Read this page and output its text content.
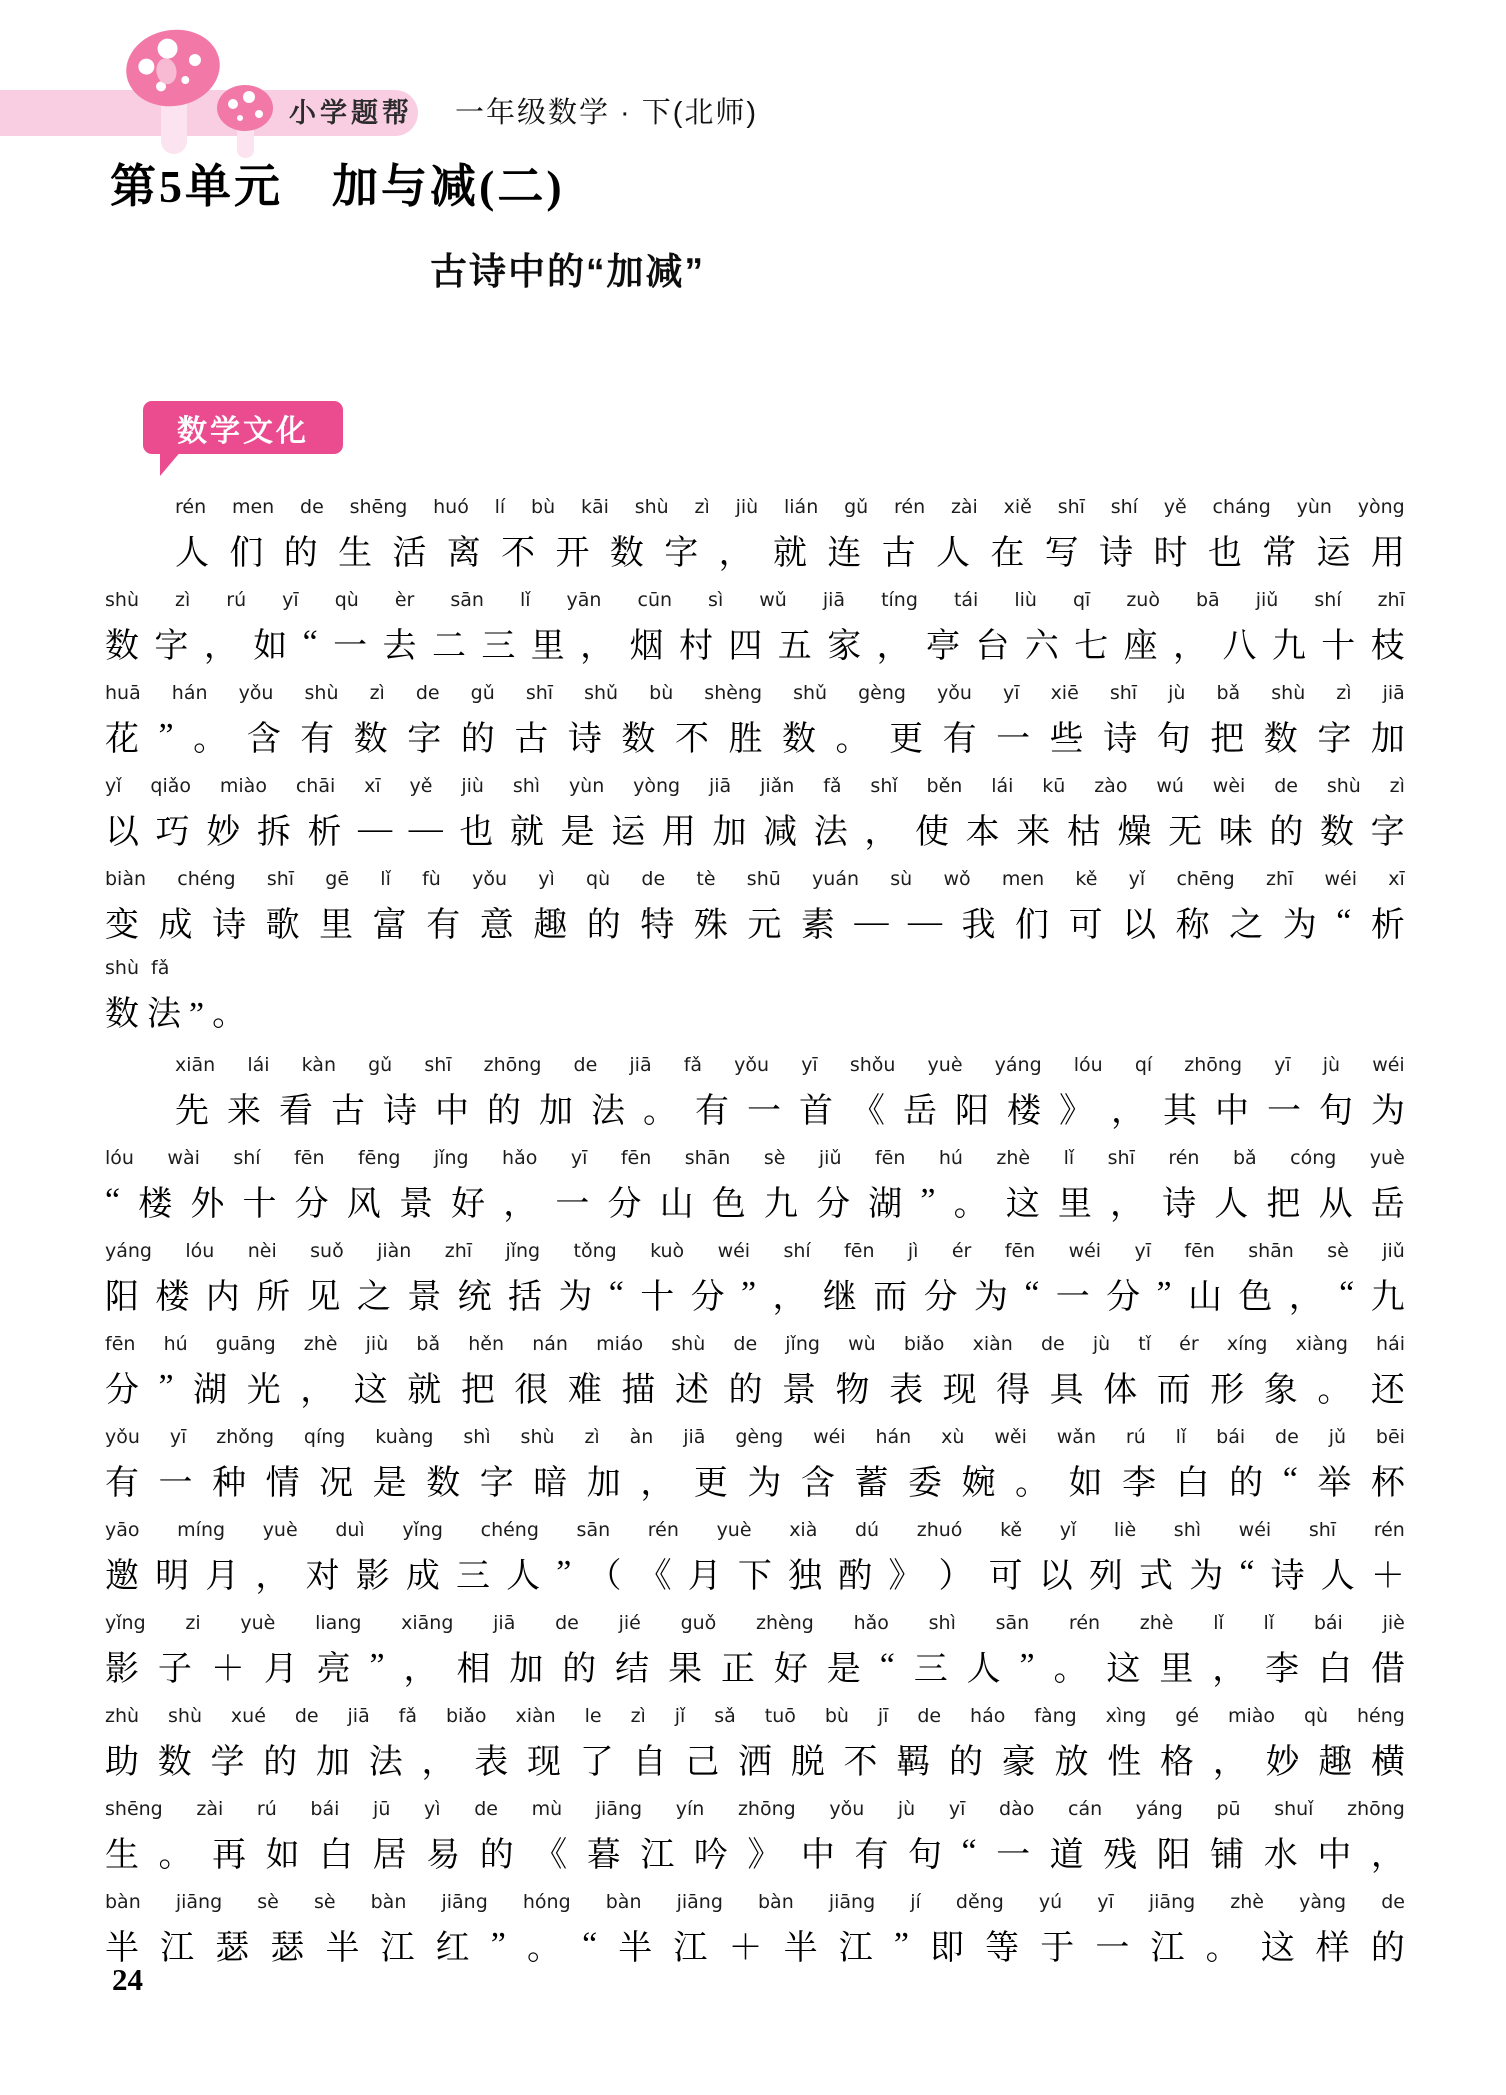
小学题帮 一年级数学 · 下(北师)
第5单元　加与减(二)
古诗中的“加减”
数学文化
rén men de shēng huó lí bù kāi shù zì jiù lián gǔ rén zài xiě shī shí yě cháng yùn yòng
人 们 的 生 活 离 不 开 数 字 ， 就 连 古 人 在 写 诗 时 也 常 运 用
shù zì rú yī qù èr sān lǐ yān cūn sì wǔ jiā tíng tái liù qī zuò bā jiǔ shí zhī
数 字 ， 如 “ 一 去 二 三 里 ， 烟 村 四 五 家 ， 亭 台 六 七 座 ， 八 九 十 枝
huā hán yǒu shù zì de gǔ shī shǔ bù shèng shǔ gèng yǒu yī xiē shī jù bǎ shù zì jiā
花 ” 。 含 有 数 字 的 古 诗 数 不 胜 数 。 更 有 一 些 诗 句 把 数 字 加
yǐ qiǎo miào chāi xī yě jiù shì yùn yòng jiā jiǎn fǎ shǐ běn lái kū zào wú wèi de shù zì
以 巧 妙 拆 析 — — 也 就 是 运 用 加 减 法 ， 使 本 来 枯 燥 无 味 的 数 字
biàn chéng shī gē lǐ fù yǒu yì qù de tè shū yuán sù wǒ men kě yǐ chēng zhī wéi xī
变 成 诗 歌 里 富 有 意 趣 的 特 殊 元 素 — — 我 们 可 以 称 之 为 “ 析
shù fǎ
数法”。
xiān lái kàn gǔ shī zhōng de jiā fǎ yǒu yī shǒu yuè yáng lóu qí zhōng yī jù wéi
先 来 看 古 诗 中 的 加 法 。 有 一 首 《 岳 阳 楼 》 ， 其 中 一 句 为
lóu wài shí fēn fēng jǐng hǎo yī fēn shān sè jiǔ fēn hú zhè lǐ shī rén bǎ cóng yuè
“ 楼 外 十 分 风 景 好 ， 一 分 山 色 九 分 湖 ” 。 这 里 ， 诗 人 把 从 岳
yáng lóu nèi suǒ jiàn zhī jǐng tǒng kuò wéi shí fēn jì ér fēn wéi yī fēn shān sè jiǔ
阳 楼 内 所 见 之 景 统 括 为 “ 十 分 ” ， 继 而 分 为 “ 一 分 ” 山 色 ， “ 九
fēn hú guāng zhè jiù bǎ hěn nán miáo shù de jǐng wù biǎo xiàn de jù tǐ ér xíng xiàng hái
分 ” 湖 光 ， 这 就 把 很 难 描 述 的 景 物 表 现 得 具 体 而 形 象 。 还
yǒu yī zhǒng qíng kuàng shì shù zì àn jiā gèng wéi hán xù wěi wǎn rú lǐ bái de jǔ bēi
有 一 种 情 况 是 数 字 暗 加 ， 更 为 含 蓄 委 婉 。 如 李 白 的 “ 举 杯
yāo míng yuè duì yǐng chéng sān rén yuè xià dú zhuó kě yǐ liè shì wéi shī rén
邀 明 月 ， 对 影 成 三 人 ” （ 《 月 下 独 酌 》 ） 可 以 列 式 为 “ 诗 人 ＋
yǐng zi yuè liang xiāng jiā de jié guǒ zhèng hǎo shì sān rén zhè lǐ lǐ bái jiè
影 子 ＋ 月 亮 ” ， 相 加 的 结 果 正 好 是 “ 三 人 ” 。 这 里 ， 李 白 借
zhù shù xué de jiā fǎ biǎo xiàn le zì jǐ sǎ tuō bù jī de háo fàng xìng gé miào qù héng
助 数 学 的 加 法 ， 表 现 了 自 己 洒 脱 不 羁 的 豪 放 性 格 ， 妙 趣 横
shēng zài rú bái jū yì de mù jiāng yín zhōng yǒu jù yī dào cán yáng pū shuǐ zhōng
生 。 再 如 白 居 易 的 《 暮 江 吟 》 中 有 句 “ 一 道 残 阳 铺 水 中 ，
bàn jiāng sè sè bàn jiāng hóng bàn jiāng bàn jiāng jí děng yú yī jiāng zhè yàng de
半 江 瑟 瑟 半 江 红 ” 。 “ 半 江 ＋ 半 江 ” 即 等 于 一 江 。 这 样 的
24
